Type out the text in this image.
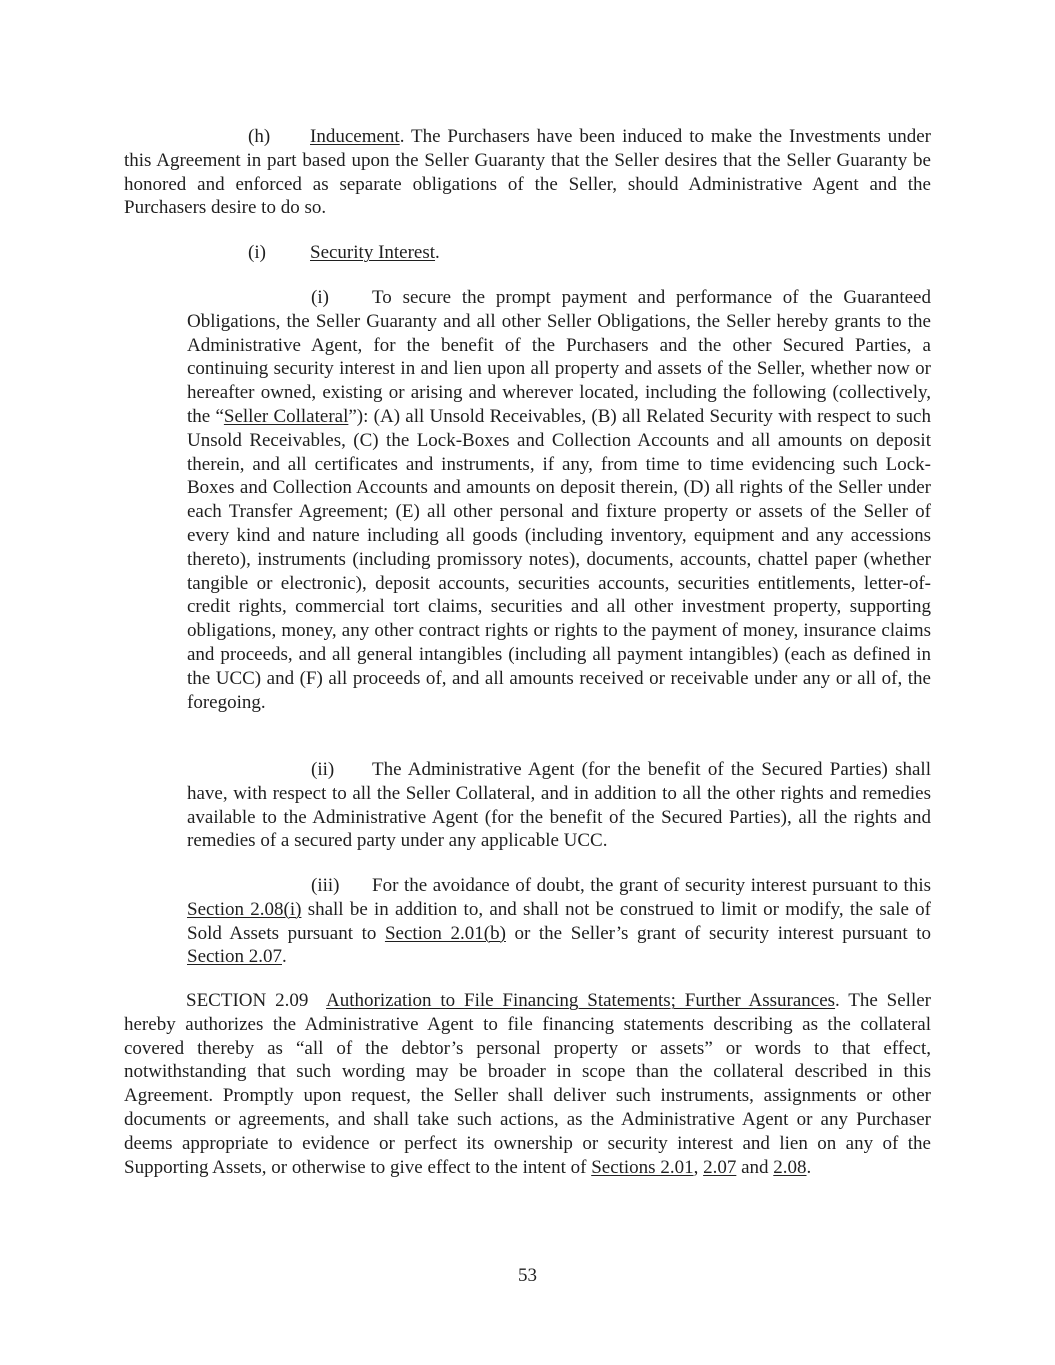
(h) Inducement. The Purchasers have been induced to make the Investments under this Agreement in part based upon the Seller Guaranty that the Seller desires that the Seller Guaranty be honored and enforced as separate obligations of the Seller, should Administrative Agent and the Purchasers desire to do so.

(i) Security Interest.

(i) To secure the prompt payment and performance of the Guaranteed Obligations, the Seller Guaranty and all other Seller Obligations, the Seller hereby grants to the Administrative Agent, for the benefit of the Purchasers and the other Secured Parties, a continuing security interest in and lien upon all property and assets of the Seller, whether now or hereafter owned, existing or arising and wherever located, including the following (collectively, the “Seller Collateral”): (A) all Unsold Receivables, (B) all Related Security with respect to such Unsold Receivables, (C) the Lock-Boxes and Collection Accounts and all amounts on deposit therein, and all certificates and instruments, if any, from time to time evidencing such Lock-Boxes and Collection Accounts and amounts on deposit therein, (D) all rights of the Seller under each Transfer Agreement; (E) all other personal and fixture property or assets of the Seller of every kind and nature including all goods (including inventory, equipment and any accessions thereto), instruments (including promissory notes), documents, accounts, chattel paper (whether tangible or electronic), deposit accounts, securities accounts, securities entitlements, letter-of-credit rights, commercial tort claims, securities and all other investment property, supporting obligations, money, any other contract rights or rights to the payment of money, insurance claims and proceeds, and all general intangibles (including all payment intangibles) (each as defined in the UCC) and (F) all proceeds of, and all amounts received or receivable under any or all of, the foregoing.

(ii) The Administrative Agent (for the benefit of the Secured Parties) shall have, with respect to all the Seller Collateral, and in addition to all the other rights and remedies available to the Administrative Agent (for the benefit of the Secured Parties), all the rights and remedies of a secured party under any applicable UCC.

(iii) For the avoidance of doubt, the grant of security interest pursuant to this Section 2.08(i) shall be in addition to, and shall not be construed to limit or modify, the sale of Sold Assets pursuant to Section 2.01(b) or the Seller’s grant of security interest pursuant to Section 2.07.

SECTION 2.09 Authorization to File Financing Statements; Further Assurances. The Seller hereby authorizes the Administrative Agent to file financing statements describing as the collateral covered thereby as “all of the debtor’s personal property or assets” or words to that effect, notwithstanding that such wording may be broader in scope than the collateral described in this Agreement. Promptly upon request, the Seller shall deliver such instruments, assignments or other documents or agreements, and shall take such actions, as the Administrative Agent or any Purchaser deems appropriate to evidence or perfect its ownership or security interest and lien on any of the Supporting Assets, or otherwise to give effect to the intent of Sections 2.01, 2.07 and 2.08.

53
